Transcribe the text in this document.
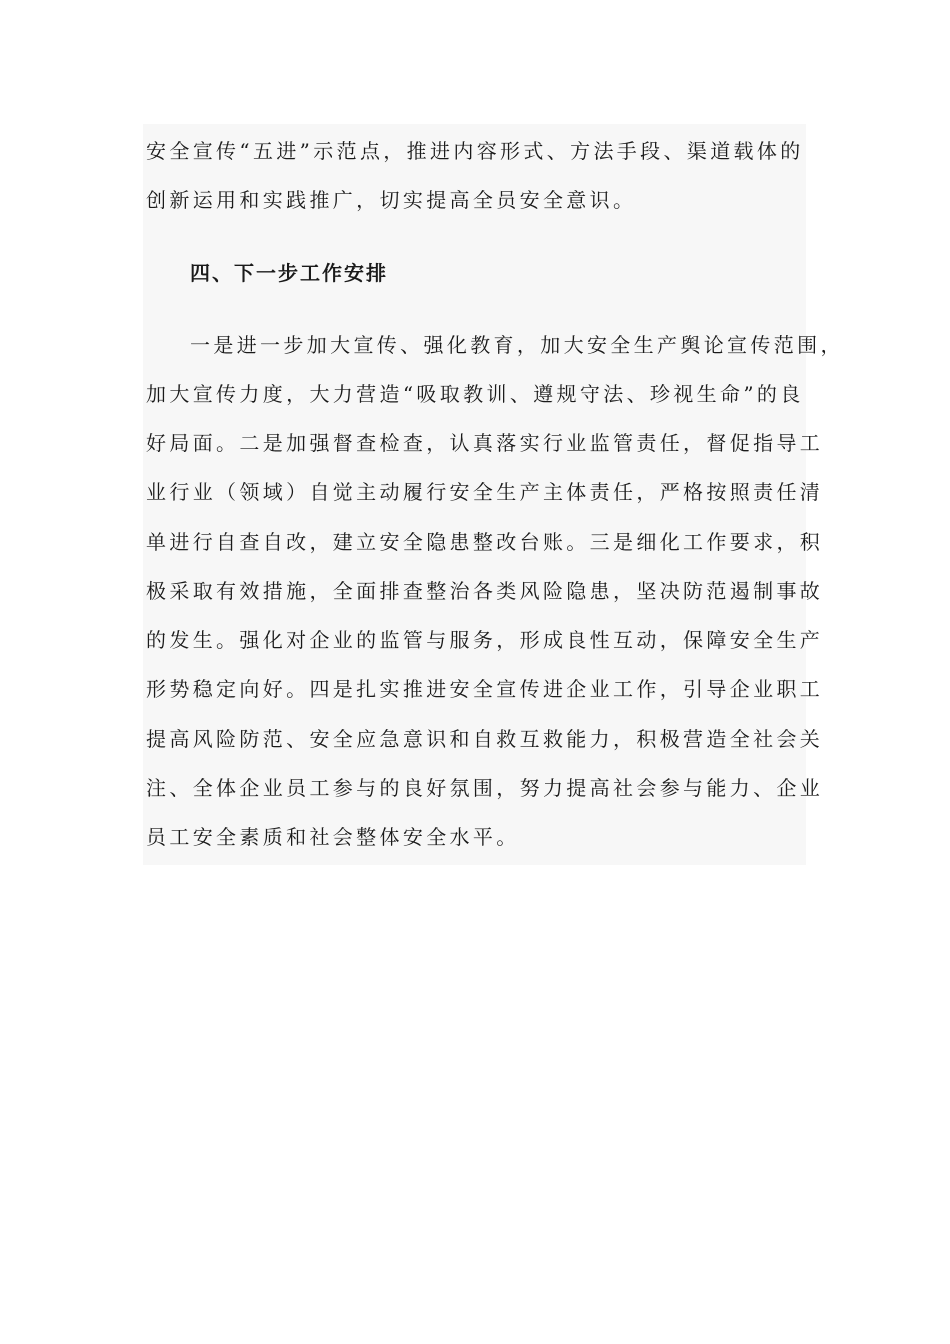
安全宣传“五进”示范点，推进内容形式、方法手段、渠道载体的
创新运用和实践推广，切实提高全员安全意识。
四、下一步工作安排
一是进一步加大宣传、强化教育，加大安全生产舆论宣传范围，
加大宣传力度，大力营造“吸取教训、遵规守法、珍视生命”的良
好局面。二是加强督查检查，认真落实行业监管责任，督促指导工
业行业（领域）自觉主动履行安全生产主体责任，严格按照责任清
单进行自查自改，建立安全隐患整改台账。三是细化工作要求，积
极采取有效措施，全面排查整治各类风险隐患，坚决防范遏制事故
的发生。强化对企业的监管与服务，形成良性互动，保障安全生产
形势稳定向好。四是扎实推进安全宣传进企业工作，引导企业职工
提高风险防范、安全应急意识和自救互救能力，积极营造全社会关
注、全体企业员工参与的良好氛围，努力提高社会参与能力、企业
员工安全素质和社会整体安全水平。
